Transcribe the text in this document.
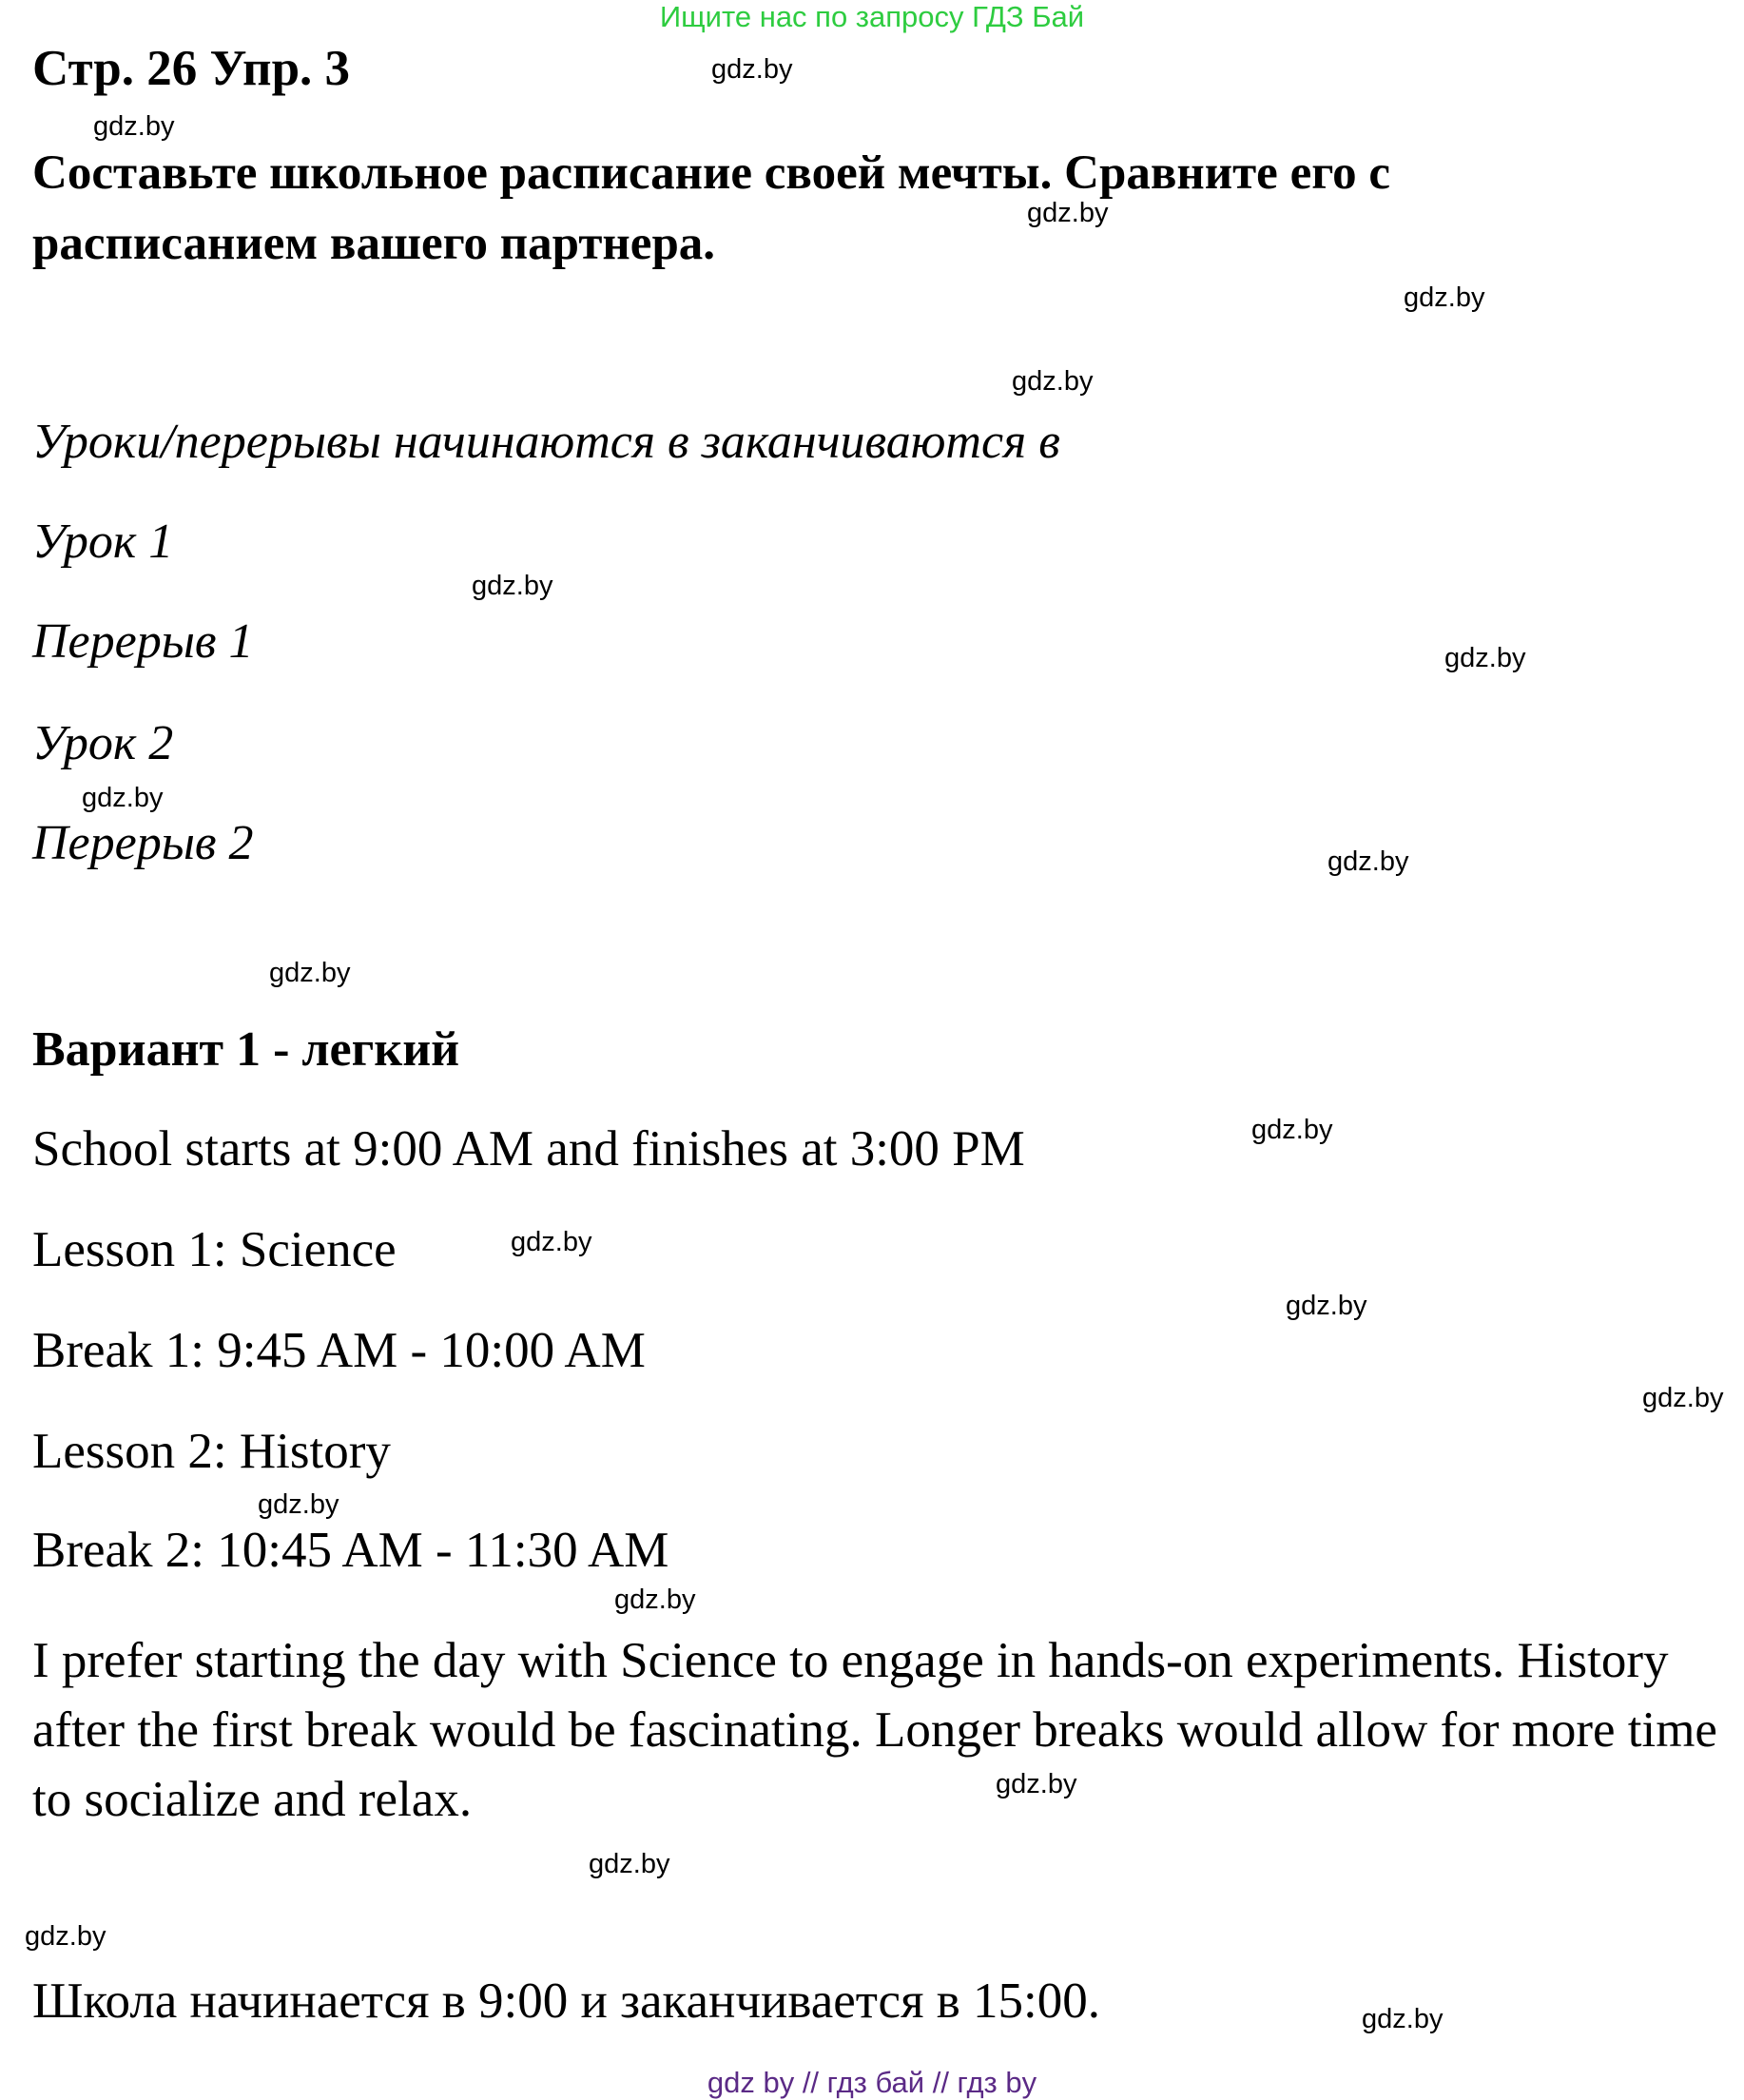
Ищите нас по запросу ГДЗ Бай
Стр. 26 Упр. 3
Составьте школьное расписание своей мечты. Сравните его с
расписанием вашего партнера.
Уроки/перерывы начинаются в заканчиваются в
Урок 1
Перерыв 1
Урок 2
Перерыв 2
Вариант 1 - легкий
School starts at 9:00 AM and finishes at 3:00 PM
Lesson 1: Science
Break 1: 9:45 AM - 10:00 AM
Lesson 2: History
Break 2: 10:45 AM - 11:30 AM
I prefer starting the day with Science to engage in hands-on experiments. History after the first break would be fascinating. Longer breaks would allow for more time to socialize and relax.
Школа начинается в 9:00 и заканчивается в 15:00.
gdz.by
gdz.by
gdz.by
gdz.by
gdz.by
gdz.by
gdz.by
gdz.by
gdz.by
gdz.by
gdz.by
gdz.by
gdz.by
gdz.by
gdz.by
gdz.by
gdz.by
gdz.by
gdz.by
gdz.by
gdz by // гдз бай // гдз by
